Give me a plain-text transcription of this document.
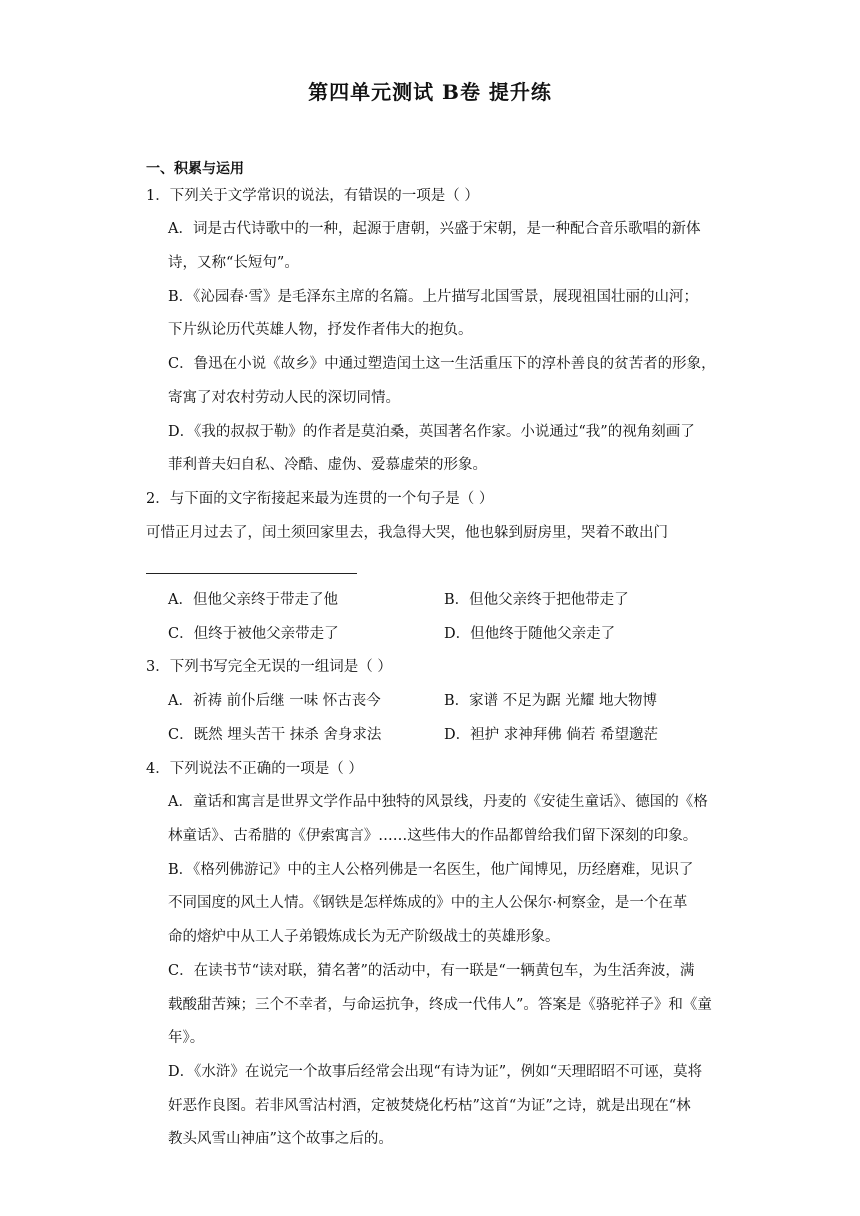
第四单元测试 B卷 提升练
一、积累与运用
1．下列关于文学常识的说法，有错误的一项是（ ）
A．词是古代诗歌中的一种，起源于唐朝，兴盛于宋朝，是一种配合音乐歌唱的新体
诗，又称“长短句”。
B．《沁园春·雪》是毛泽东主席的名篇。上片描写北国雪景，展现祖国壮丽的山河；
下片纵论历代英雄人物，抒发作者伟大的抱负。
C．鲁迅在小说《故乡》中通过塑造闰土这一生活重压下的淳朴善良的贫苦者的形象，
寄寓了对农村劳动人民的深切同情。
D．《我的叔叔于勒》的作者是莫泊桑，英国著名作家。小说通过“我”的视角刻画了
菲利普夫妇自私、冷酷、虚伪、爱慕虚荣的形象。
2．与下面的文字衔接起来最为连贯的一个句子是（ ）
可惜正月过去了，闰土须回家里去，我急得大哭，他也躲到厨房里，哭着不敢出门
A．但他父亲终于带走了他	B．但他父亲终于把他带走了
C．但终于被他父亲带走了	D．但他终于随他父亲走了
3．下列书写完全无误的一组词是（ ）
A．祈祷 前仆后继 一味 怀古丧今	B．家谱 不足为踞 光耀 地大物博
C．既然 埋头苦干 抹杀 舍身求法	D．袒护 求神拜佛 倘若 希望邈茫
4．下列说法不正确的一项是（ ）
A．童话和寓言是世界文学作品中独特的风景线，丹麦的《安徒生童话》、德国的《格
林童话》、古希腊的《伊索寓言》……这些伟大的作品都曾给我们留下深刻的印象。
B．《格列佛游记》中的主人公格列佛是一名医生，他广闻博见，历经磨难，见识了
不同国度的风土人情。《钢铁是怎样炼成的》中的主人公保尔·柯察金，是一个在革
命的熔炉中从工人子弟锻炼成长为无产阶级战士的英雄形象。
C．在读书节“读对联，猜名著”的活动中，有一联是“一辆黄包车，为生活奔波，满
载酸甜苦辣；三个不幸者，与命运抗争，终成一代伟人”。答案是《骆驼祥子》和《童
年》。
D．《水浒》在说完一个故事后经常会出现“有诗为证”，例如“天理昭昭不可诬，莫将
奸恶作良图。若非风雪沽村酒，定被焚烧化朽枯”这首“为证”之诗，就是出现在“林
教头风雪山神庙”这个故事之后的。
